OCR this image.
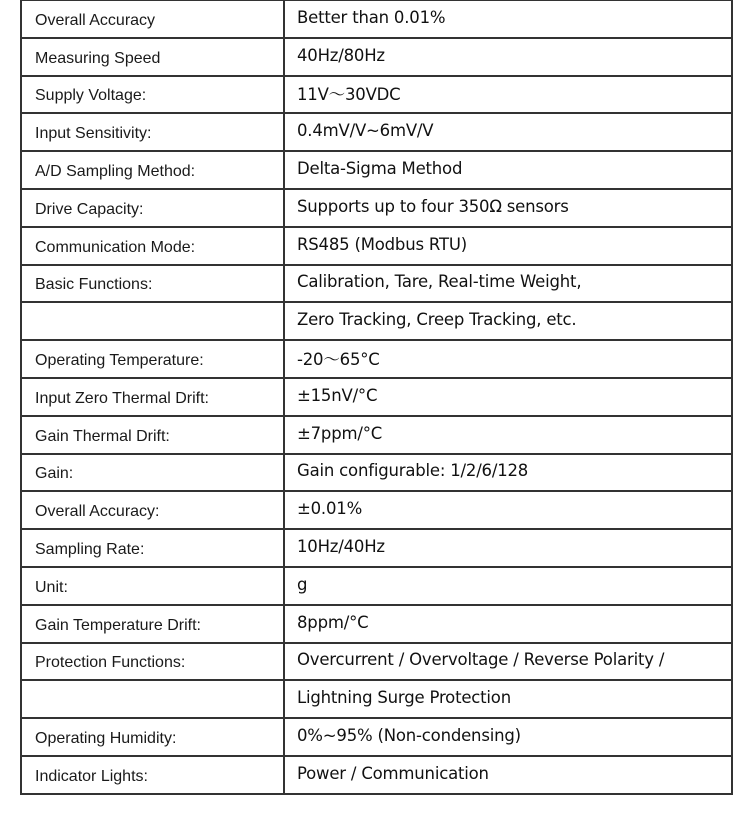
Overall Accuracy	Better than 0.01%
Measuring Speed	40Hz/80Hz
Supply Voltage:	11V～30VDC
Input Sensitivity:	0.4mV/V~6mV/V
A/D Sampling Method:	Delta-Sigma Method
Drive Capacity:	Supports up to four 350Ω sensors
Communication Mode:	RS485 (Modbus RTU)
Basic Functions:	Calibration, Tare, Real-time Weight,
	Zero Tracking, Creep Tracking, etc.
Operating Temperature:	-20～65°C
Input Zero Thermal Drift:	±15nV/°C
Gain Thermal Drift:	±7ppm/°C
Gain:	Gain configurable: 1/2/6/128
Overall Accuracy:	±0.01%
Sampling Rate:	10Hz/40Hz
Unit:	g
Gain Temperature Drift:	8ppm/°C
Protection Functions:	Overcurrent / Overvoltage / Reverse Polarity /
	Lightning Surge Protection
Operating Humidity:	0%~95% (Non-condensing)
Indicator Lights:	Power / Communication
